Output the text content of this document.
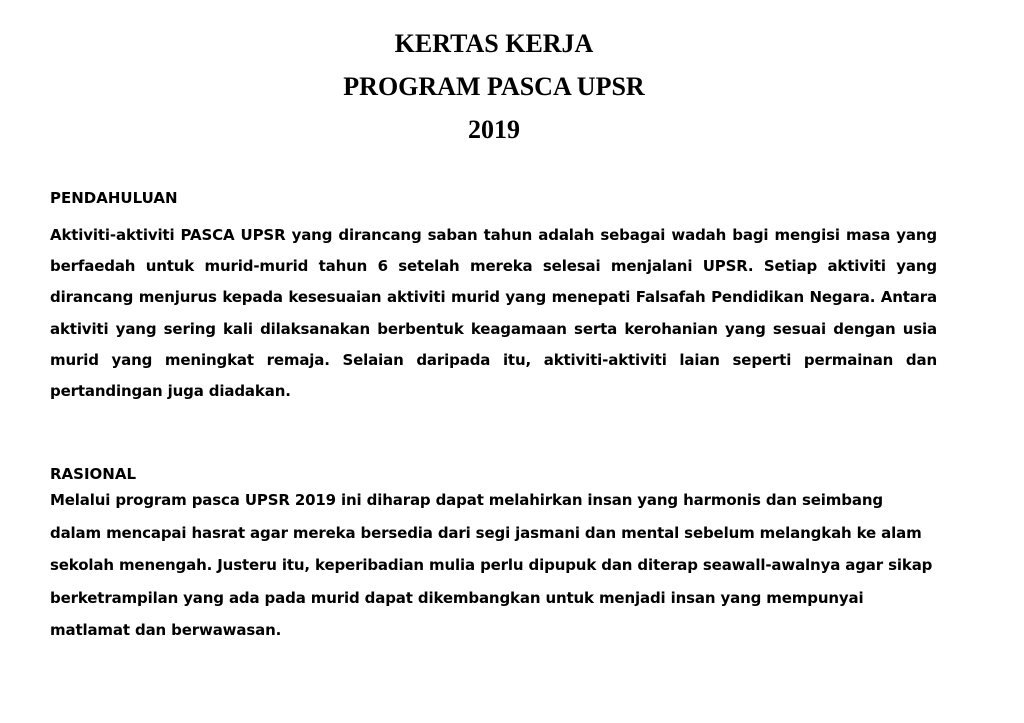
KERTAS KERJA
PROGRAM PASCA UPSR
2019
PENDAHULUAN
Aktiviti-aktiviti PASCA UPSR yang dirancang saban tahun adalah sebagai wadah bagi mengisi masa yang berfaedah untuk murid-murid tahun 6 setelah mereka selesai menjalani UPSR. Setiap aktiviti yang dirancang menjurus kepada kesesuaian aktiviti murid yang menepati Falsafah Pendidikan Negara. Antara aktiviti yang sering kali dilaksanakan berbentuk keagamaan serta kerohanian yang sesuai dengan usia murid yang meningkat remaja. Selaian daripada itu, aktiviti-aktiviti laian seperti permainan dan pertandingan juga diadakan.
RASIONAL
Melalui program pasca UPSR 2019 ini diharap dapat melahirkan insan yang harmonis dan seimbang dalam mencapai hasrat agar mereka bersedia dari segi jasmani dan mental sebelum melangkah ke alam sekolah menengah. Justeru itu, keperibadian mulia perlu dipupuk dan diterap seawall-awalnya agar sikap berketrampilan yang ada pada murid dapat dikembangkan untuk menjadi insan yang mempunyai matlamat dan berwawasan.
